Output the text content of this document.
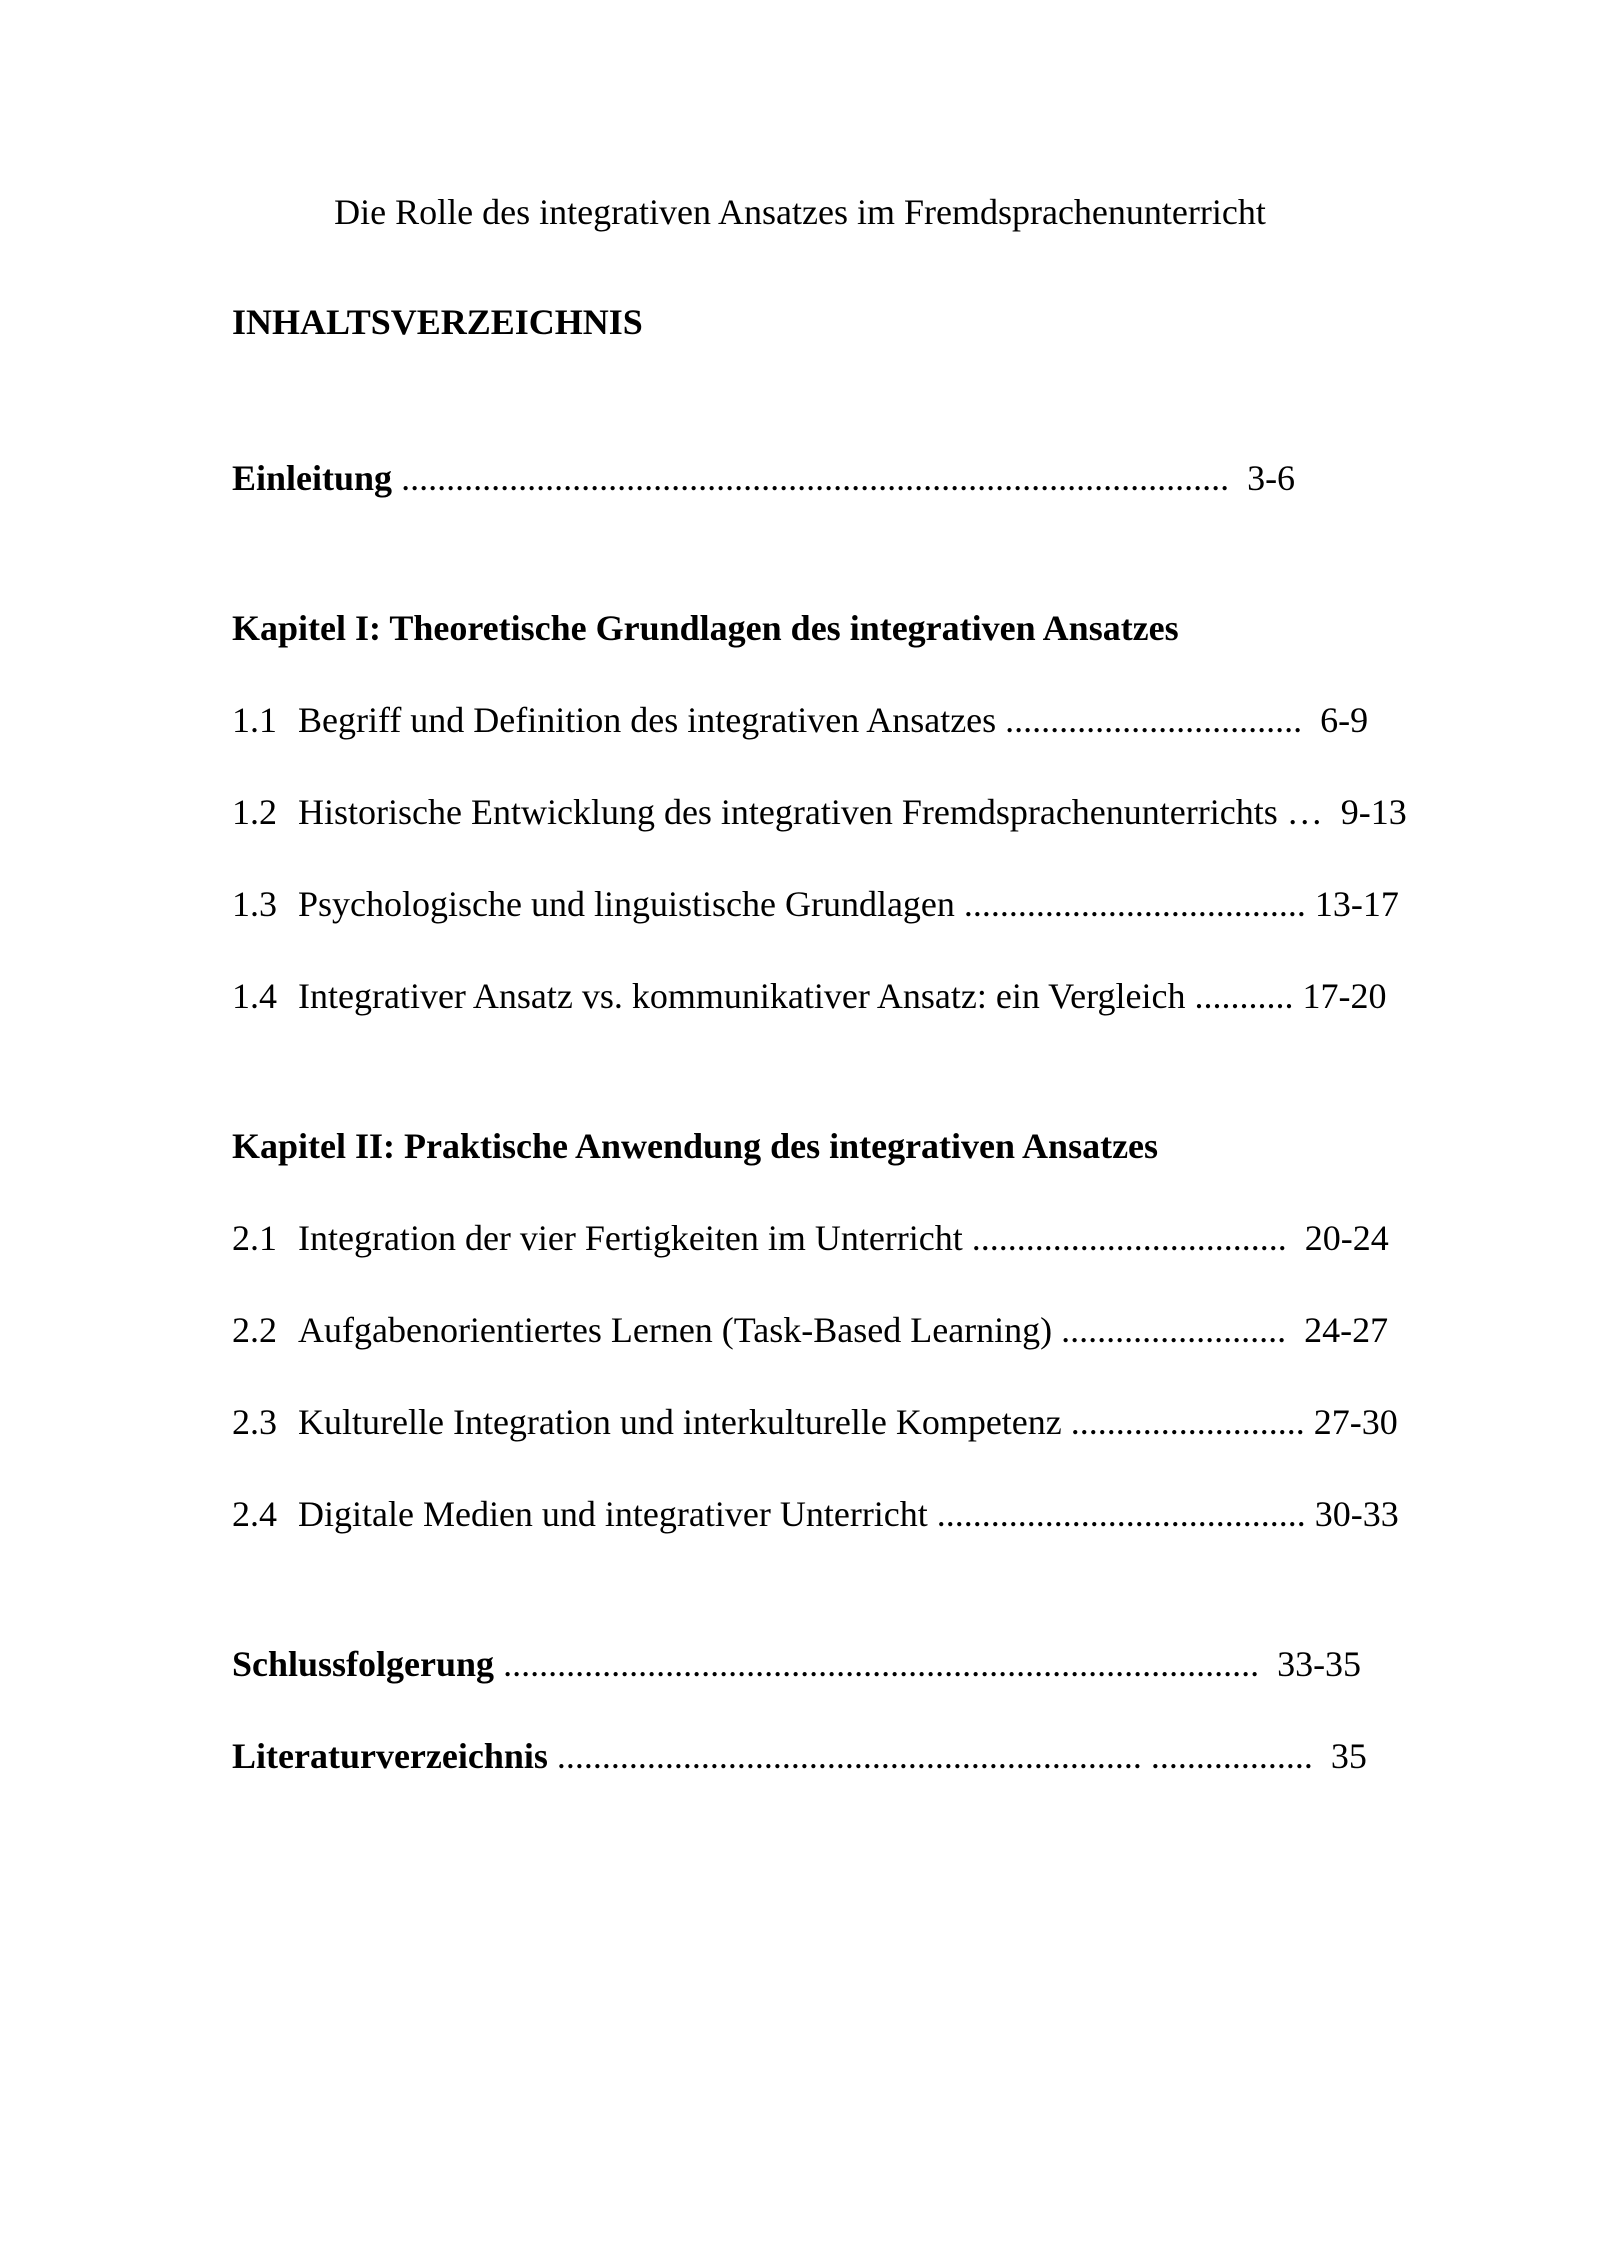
Die Rolle des integrativen Ansatzes im Fremdsprachenunterricht
INHALTSVERZEICHNIS
Einleitung ............................................................................................  3-6
Kapitel I: Theoretische Grundlagen des integrativen Ansatzes
1.1 Begriff und Definition des integrativen Ansatzes .................................  6-9
1.2 Historische Entwicklung des integrativen Fremdsprachenunterrichts …  9-13
1.3 Psychologische und linguistische Grundlagen ...................................... 13-17
1.4 Integrativer Ansatz vs. kommunikativer Ansatz: ein Vergleich ........... 17-20
Kapitel II: Praktische Anwendung des integrativen Ansatzes
2.1 Integration der vier Fertigkeiten im Unterricht ...................................  20-24
2.2 Aufgabenorientiertes Lernen (Task-Based Learning) .........................  24-27
2.3 Kulturelle Integration und interkulturelle Kompetenz .......................... 27-30
2.4 Digitale Medien und integrativer Unterricht ......................................... 30-33
Schlussfolgerung ....................................................................................  33-35
Literaturverzeichnis ................................................................. ..................  35
